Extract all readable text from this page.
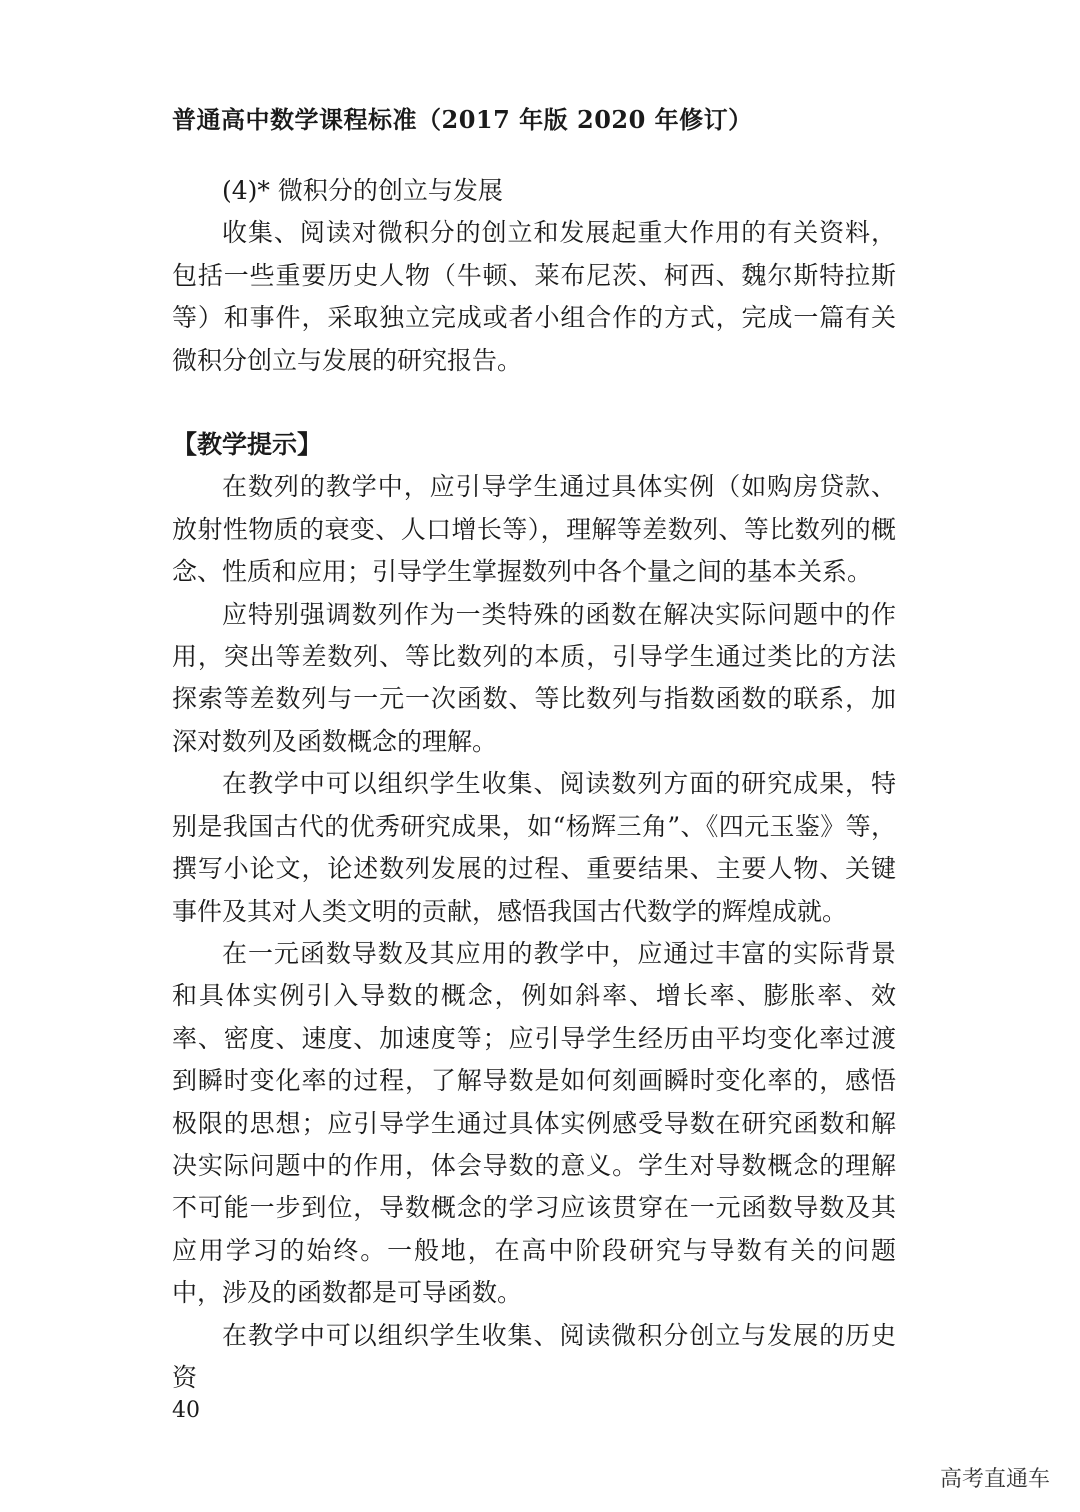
普通高中数学课程标准（2017 年版 2020 年修订）

(4)* 微积分的创立与发展

收集、阅读对微积分的创立和发展起重大作用的有关资料，包括一些重要历史人物（牛顿、莱布尼茨、柯西、魏尔斯特拉斯等）和事件，采取独立完成或者小组合作的方式，完成一篇有关微积分创立与发展的研究报告。

【教学提示】

在数列的教学中，应引导学生通过具体实例（如购房贷款、放射性物质的衰变、人口增长等），理解等差数列、等比数列的概念、性质和应用；引导学生掌握数列中各个量之间的基本关系。

应特别强调数列作为一类特殊的函数在解决实际问题中的作用，突出等差数列、等比数列的本质，引导学生通过类比的方法探索等差数列与一元一次函数、等比数列与指数函数的联系，加深对数列及函数概念的理解。

在教学中可以组织学生收集、阅读数列方面的研究成果，特别是我国古代的优秀研究成果，如“杨辉三角”、《四元玉鉴》等，撰写小论文，论述数列发展的过程、重要结果、主要人物、关键事件及其对人类文明的贡献，感悟我国古代数学的辉煌成就。

在一元函数导数及其应用的教学中，应通过丰富的实际背景和具体实例引入导数的概念，例如斜率、增长率、膨胀率、效率、密度、速度、加速度等；应引导学生经历由平均变化率过渡到瞬时变化率的过程，了解导数是如何刻画瞬时变化率的，感悟极限的思想；应引导学生通过具体实例感受导数在研究函数和解决实际问题中的作用，体会导数的意义。学生对导数概念的理解不可能一步到位，导数概念的学习应该贯穿在一元函数导数及其应用学习的始终。一般地，在高中阶段研究与导数有关的问题中，涉及的函数都是可导函数。

在教学中可以组织学生收集、阅读微积分创立与发展的历史资

40
高考直通车
